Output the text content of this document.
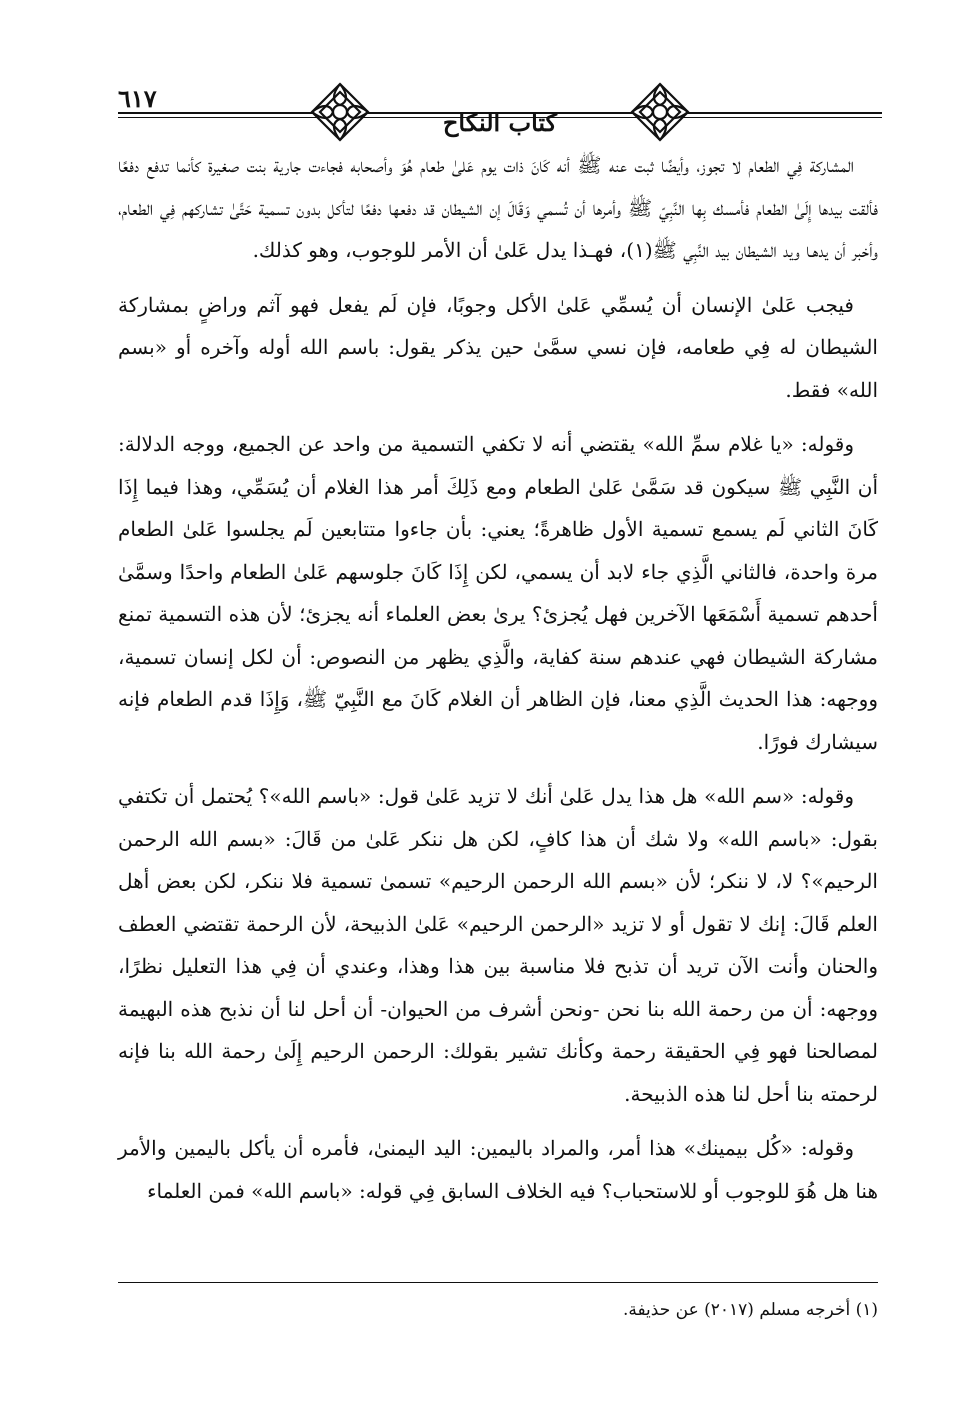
٦١٧
كتاب النكاح

المشاركة فِي الطعام لا تجوز، وأيضًا ثبت عنه ﷺ أنه كَانَ ذات يوم عَلىٰ طعام هُوَ وأصحابه فجاءت جارية بنت صغيرة كأنما تدفع دفعًا فألقت بيدها إِلَىٰ الطعام فأمسك بِها النَّبِيّ ﷺ وأمرها أن تُسمي وَقَالَ إن الشيطان قد دفعها دفعًا لتأكل بدون تسمية حَتَّىٰ تشاركهم فِي الطعام، وأخبر أن يدهـا ويد الشيطان بيد النَّبِي ﷺ(١)، فهـذا يدل عَلىٰ أن الأمر للوجوب، وهو كذلك.

فيجب عَلىٰ الإنسان أن يُسمِّي عَلىٰ الأكل وجوبًا، فإن لَم يفعل فهو آثم وراضٍ بمشاركة الشيطان له فِي طعامه، فإن نسي سمَّىٰ حين يذكر يقول: باسم الله أوله وآخره أو «بسم الله» فقط.

وقوله: «يا غلام سمِّ الله» يقتضي أنه لا تكفي التسمية من واحد عن الجميع، ووجه الدلالة: أن النَّبِي ﷺ سيكون قد سَمَّىٰ عَلىٰ الطعام ومع ذَلِكَ أمر هذا الغلام أن يُسَمِّي، وهذا فيما إِذَا كَانَ الثاني لَم يسمع تسمية الأول ظاهرةً؛ يعني: بأن جاءوا متتابعين لَم يجلسوا عَلىٰ الطعام مرة واحدة، فالثاني الَّذِي جاء لابد أن يسمي، لكن إِذَا كَانَ جلوسهم عَلىٰ الطعام واحدًا وسمَّىٰ أحدهم تسمية أَسْمَعَها الآخرين فهل يُجزئ؟ يرىٰ بعض العلماء أنه يجزئ؛ لأن هذه التسمية تمنع مشاركة الشيطان فهي عندهم سنة كفاية، والَّذِي يظهر من النصوص: أن لكل إنسان تسمية، ووجهه: هذا الحديث الَّذِي معنا، فإن الظاهر أن الغلام كَانَ مع النَّبِيّ ﷺ، وَإِذَا قدم الطعام فإنه سيشارك فورًا.

وقوله: «سم الله» هل هذا يدل عَلىٰ أنك لا تزيد عَلىٰ قول: «باسم الله»؟ يُحتمل أن تكتفي بقول: «باسم الله» ولا شك أن هذا كافٍ، لكن هل ننكر عَلىٰ من قَالَ: «بسم الله الرحمن الرحيم»؟ لا، لا ننكر؛ لأن «بسم الله الرحمن الرحيم» تسمىٰ تسمية فلا ننكر، لكن بعض أهل العلم قَالَ: إنك لا تقول أو لا تزيد «الرحمن الرحيم» عَلىٰ الذبيحة، لأن الرحمة تقتضي العطف والحنان وأنت الآن تريد أن تذبح فلا مناسبة بين هذا وهذا، وعندي أن فِي هذا التعليل نظرًا، ووجهه: أن من رحمة الله بنا نحن -ونحن أشرف من الحيوان- أن أحل لنا أن نذبح هذه البهيمة لمصالحنا فهو فِي الحقيقة رحمة وكأنك تشير بقولك: الرحمن الرحيم إِلَىٰ رحمة الله بنا فإنه لرحمته بنا أحل لنا هذه الذبيحة.

وقوله: «كُل بيمينك» هذا أمر، والمراد باليمين: اليد اليمنىٰ، فأمره أن يأكل باليمين والأمر هنا هل هُوَ للوجوب أو للاستحباب؟ فيه الخلاف السابق فِي قوله: «باسم الله» فمن العلماء

(١) أخرجه مسلم (٢٠١٧) عن حذيفة.
